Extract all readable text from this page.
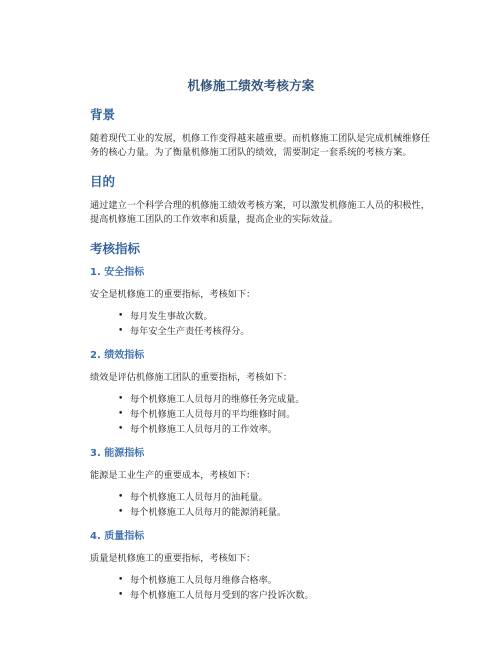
机修施工绩效考核方案
背景
随着现代工业的发展，机修工作变得越来越重要。而机修施工团队是完成机械维修任务的核心力量。为了衡量机修施工团队的绩效，需要制定一套系统的考核方案。
目的
通过建立一个科学合理的机修施工绩效考核方案，可以激发机修施工人员的积极性，提高机修施工团队的工作效率和质量，提高企业的实际效益。
考核指标
1. 安全指标
安全是机修施工的重要指标，考核如下：
• 每月发生事故次数。
• 每年安全生产责任考核得分。
2. 绩效指标
绩效是评估机修施工团队的重要指标，考核如下：
• 每个机修施工人员每月的维修任务完成量。
• 每个机修施工人员每月的平均维修时间。
• 每个机修施工人员每月的工作效率。
3. 能源指标
能源是工业生产的重要成本，考核如下：
• 每个机修施工人员每月的油耗量。
• 每个机修施工人员每月的能源消耗量。
4. 质量指标
质量是机修施工的重要指标，考核如下：
• 每个机修施工人员每月维修合格率。
• 每个机修施工人员每月受到的客户投诉次数。
